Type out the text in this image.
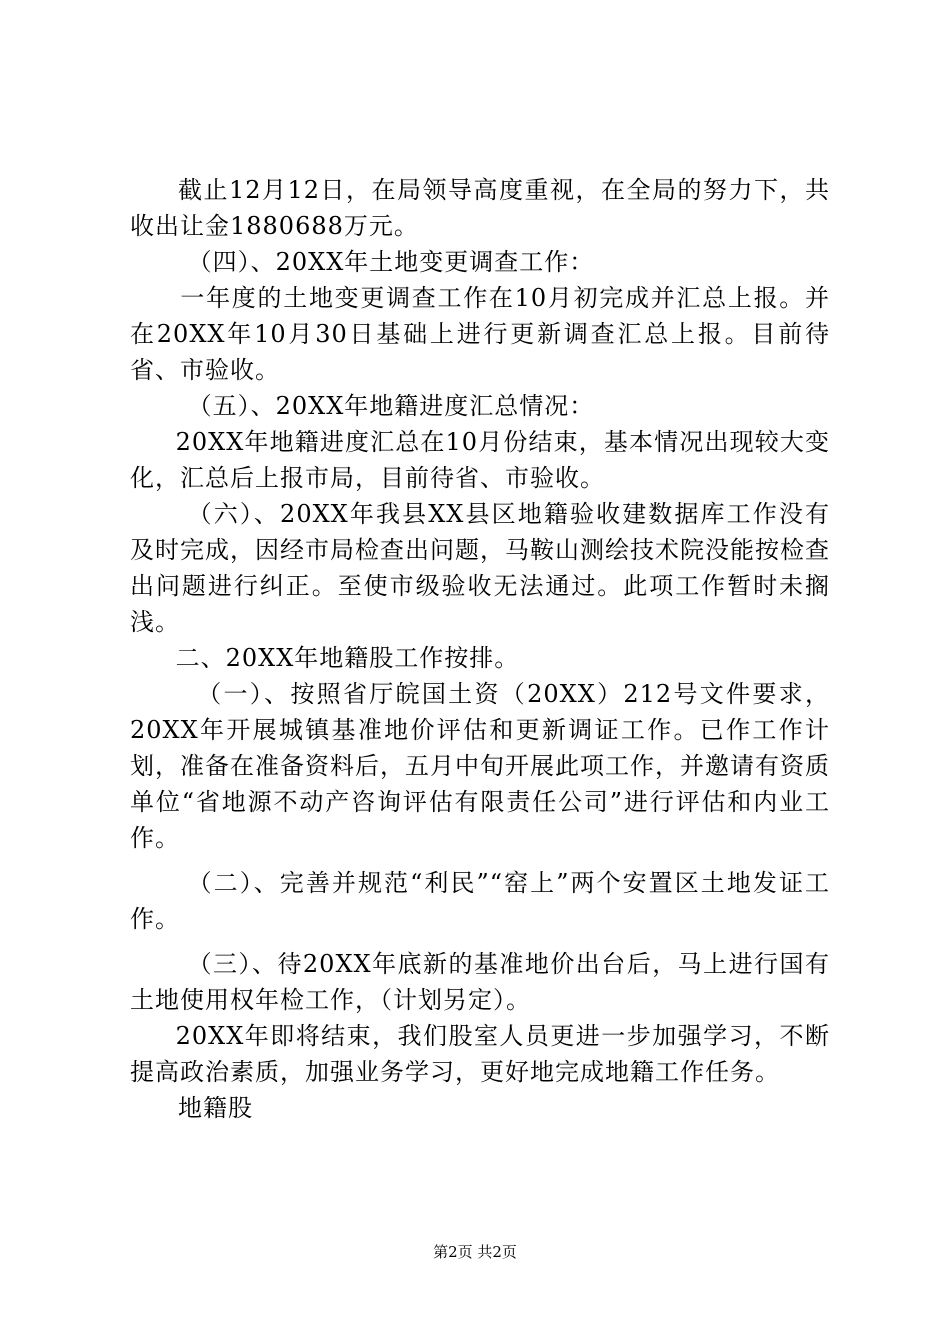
截止12月12日，在局领导高度重视，在全局的努力下，共收出让金1880688万元。

（四）、20XX年土地变更调查工作：

一年度的土地变更调查工作在10月初完成并汇总上报。并在20XX年10月30日基础上进行更新调查汇总上报。目前待省、市验收。

（五）、20XX年地籍进度汇总情况：

20XX年地籍进度汇总在10月份结束，基本情况出现较大变化，汇总后上报市局，目前待省、市验收。

（六）、20XX年我县XX县区地籍验收建数据库工作没有及时完成，因经市局检查出问题，马鞍山测绘技术院没能按检查出问题进行纠正。至使市级验收无法通过。此项工作暂时未搁浅。

二、20XX年地籍股工作按排。

（一）、按照省厅皖国土资（20XX）212号文件要求，20XX年开展城镇基准地价评估和更新调证工作。已作工作计划，准备在准备资料后，五月中旬开展此项工作，并邀请有资质单位“省地源不动产咨询评估有限责任公司”进行评估和内业工作。

（二）、完善并规范“利民”“窑上”两个安置区土地发证工作。

（三）、待20XX年底新的基准地价出台后，马上进行国有土地使用权年检工作，（计划另定）。

20XX年即将结束，我们股室人员更进一步加强学习，不断提高政治素质，加强业务学习，更好地完成地籍工作任务。

地籍股

第2页 共2页
